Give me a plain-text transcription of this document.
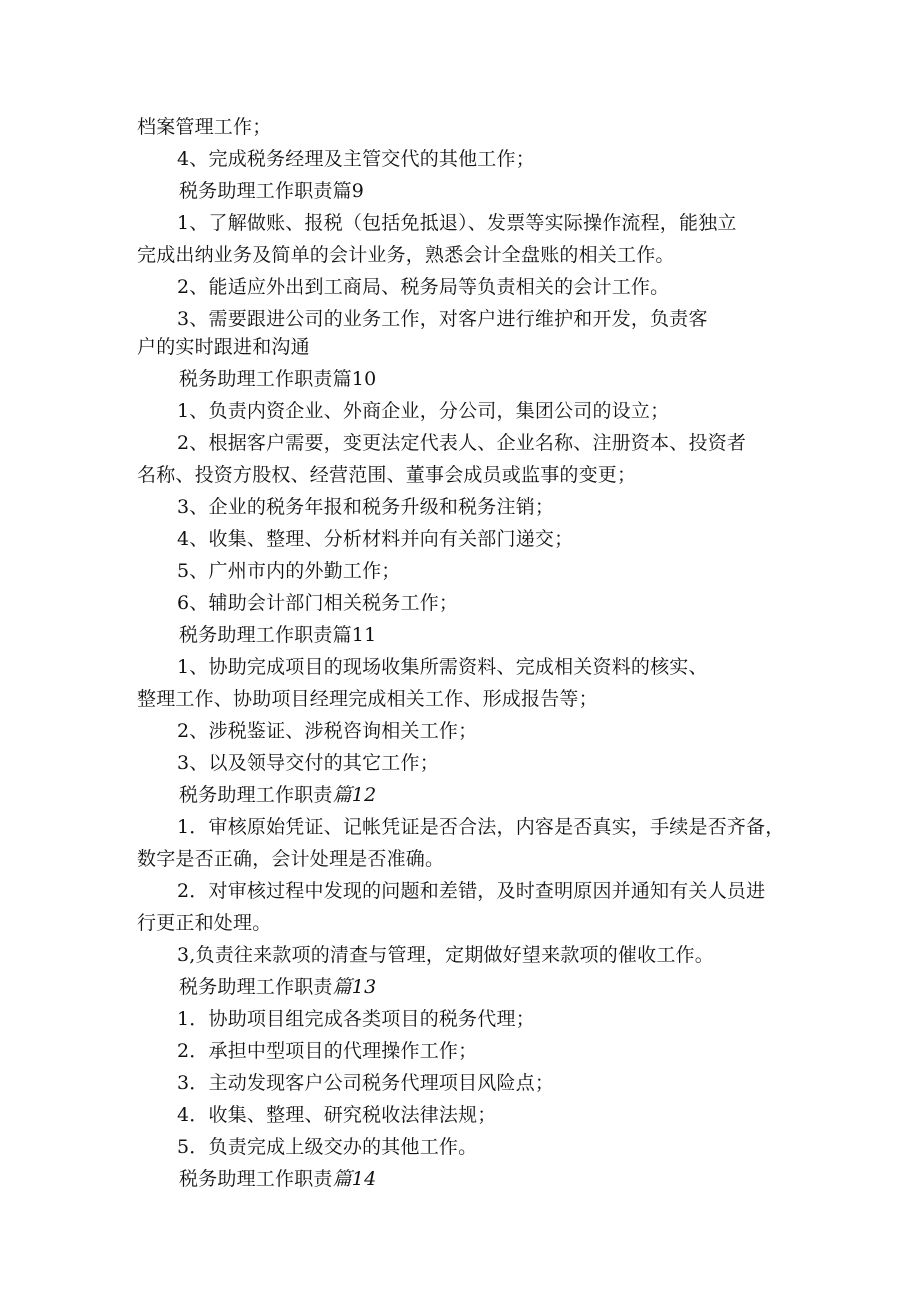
档案管理工作；
4、完成税务经理及主管交代的其他工作；
税务助理工作职责篇9
1、了解做账、报税（包括免抵退）、发票等实际操作流程，能独立
完成出纳业务及简单的会计业务，熟悉会计全盘账的相关工作。
2、能适应外出到工商局、税务局等负责相关的会计工作。
3、需要跟进公司的业务工作，对客户进行维护和开发，负责客
户的实时跟进和沟通
税务助理工作职责篇10
1、负责内资企业、外商企业，分公司，集团公司的设立；
2、根据客户需要，变更法定代表人、企业名称、注册资本、投资者
名称、投资方股权、经营范围、董事会成员或监事的变更；
3、企业的税务年报和税务升级和税务注销；
4、收集、整理、分析材料并向有关部门递交；
5、广州市内的外勤工作；
6、辅助会计部门相关税务工作；
税务助理工作职责篇11
1、协助完成项目的现场收集所需资料、完成相关资料的核实、
整理工作、协助项目经理完成相关工作、形成报告等；
2、涉税鉴证、涉税咨询相关工作；
3、以及领导交付的其它工作；
税务助理工作职责篇12
1．审核原始凭证、记帐凭证是否合法，内容是否真实，手续是否齐备，
数字是否正确，会计处理是否准确。
2．对审核过程中发现的问题和差错，及时查明原因并通知有关人员进
行更正和处理。
3,负责往来款项的清查与管理，定期做好望来款项的催收工作。
税务助理工作职责篇13
1．协助项目组完成各类项目的税务代理；
2．承担中型项目的代理操作工作；
3．主动发现客户公司税务代理项目风险点；
4．收集、整理、研究税收法律法规；
5．负责完成上级交办的其他工作。
税务助理工作职责篇14
